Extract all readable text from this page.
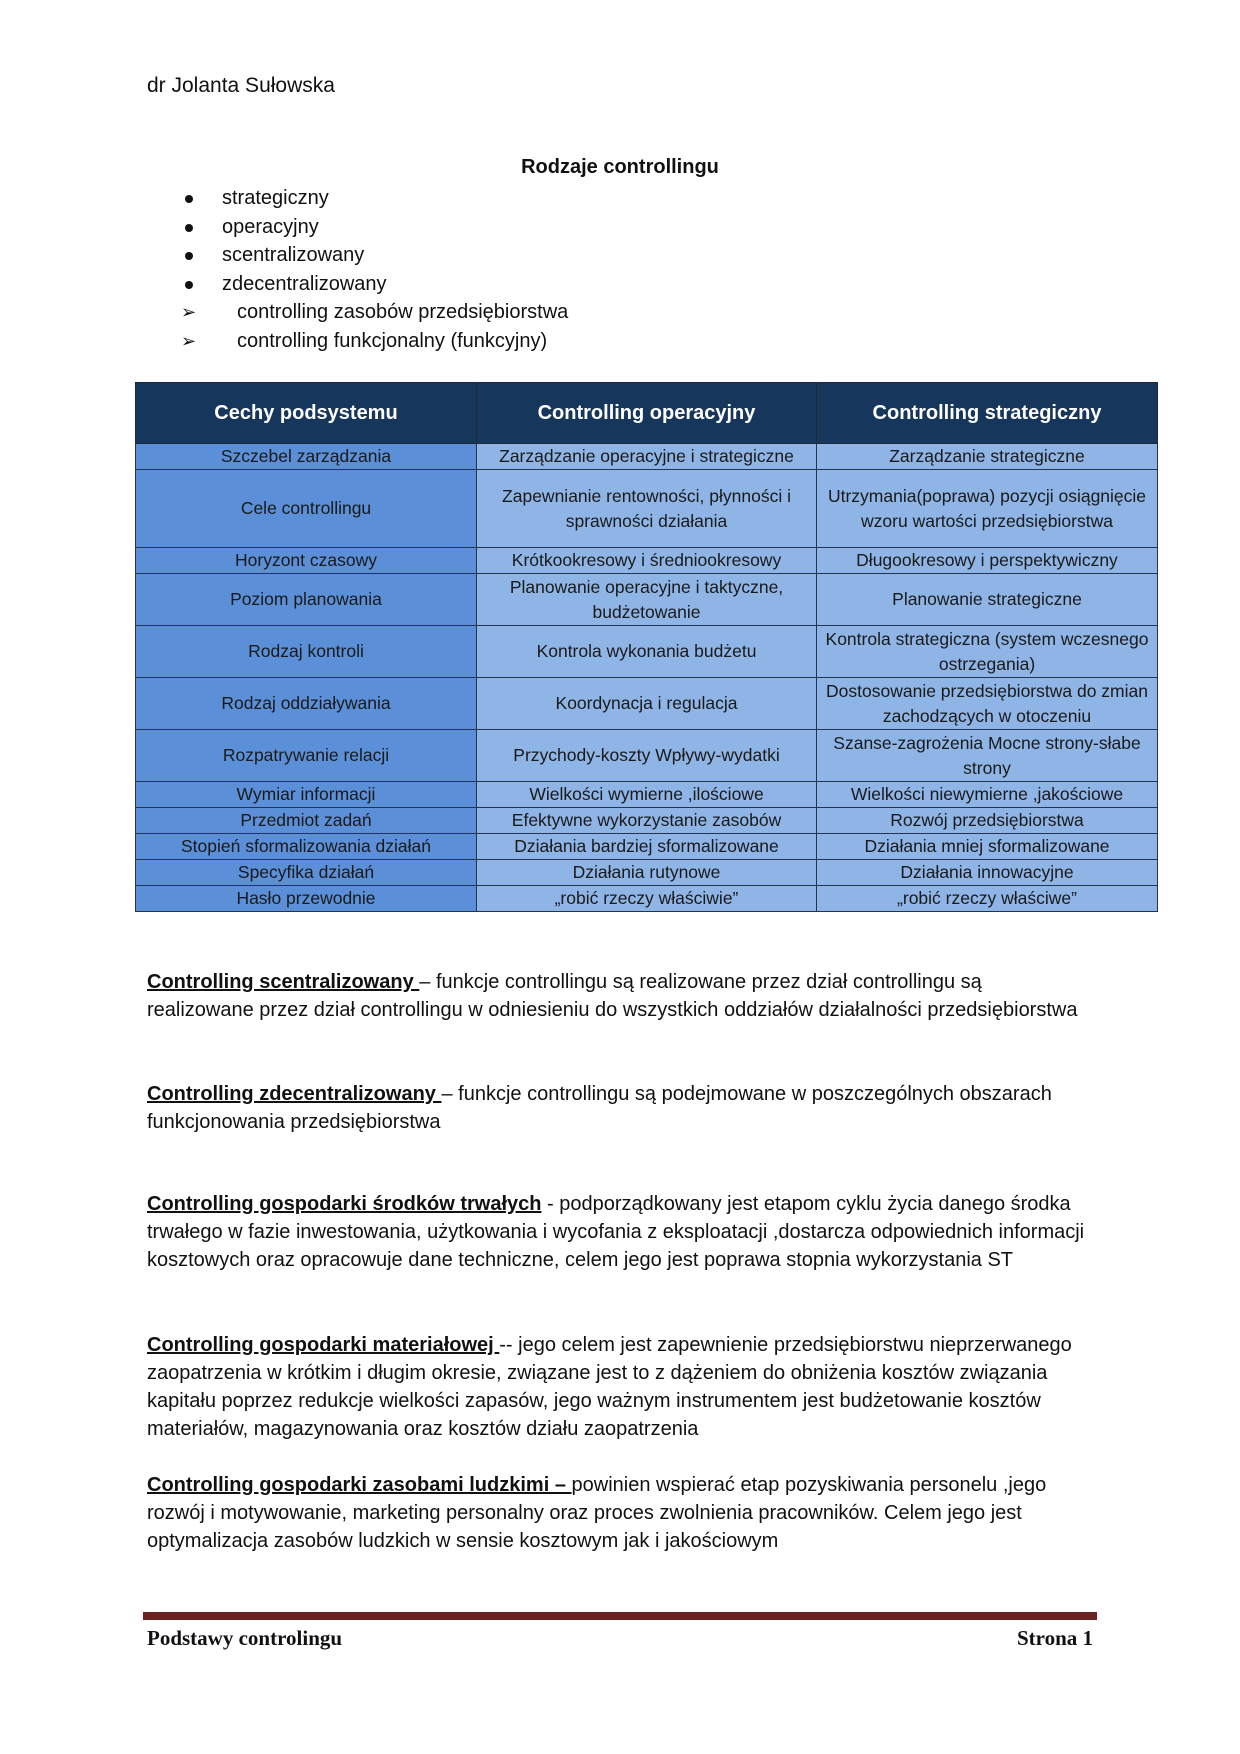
dr Jolanta Sułowska
Rodzaje controllingu
strategiczny
operacyjny
scentralizowany
zdecentralizowany
➢ controlling zasobów przedsiębiorstwa
➢ controlling funkcjonalny (funkcyjny)
Cechy podsystemu	Controlling operacyjny	Controlling strategiczny
Szczebel zarządzania	Zarządzanie operacyjne i strategiczne	Zarządzanie strategiczne
Cele controllingu	Zapewnianie rentowności, płynności i sprawności działania	Utrzymania(poprawa) pozycji osiągnięcie wzoru wartości przedsiębiorstwa
Horyzont czasowy	Krótkookresowy i średniookresowy	Długookresowy i perspektywiczny
Poziom planowania	Planowanie operacyjne i taktyczne, budżetowanie	Planowanie strategiczne
Rodzaj kontroli	Kontrola wykonania budżetu	Kontrola strategiczna (system wczesnego ostrzegania)
Rodzaj oddziaływania	Koordynacja i regulacja	Dostosowanie przedsiębiorstwa do zmian zachodzących w otoczeniu
Rozpatrywanie relacji	Przychody-koszty Wpływy-wydatki	Szanse-zagrożenia Mocne strony-słabe strony
Wymiar informacji	Wielkości wymierne ,ilościowe	Wielkości niewymierne ,jakościowe
Przedmiot zadań	Efektywne wykorzystanie zasobów	Rozwój przedsiębiorstwa
Stopień sformalizowania działań	Działania bardziej sformalizowane	Działania mniej sformalizowane
Specyfika działań	Działania rutynowe	Działania innowacyjne
Hasło przewodnie	„robić rzeczy właściwie”	„robić rzeczy właściwe”

Controlling scentralizowany – funkcje controllingu są realizowane przez dział controllingu są realizowane przez dział controllingu w odniesieniu do wszystkich oddziałów działalności przedsiębiorstwa

Controlling zdecentralizowany – funkcje controllingu są podejmowane w poszczególnych obszarach funkcjonowania przedsiębiorstwa

Controlling gospodarki środków trwałych - podporządkowany jest etapom cyklu życia danego środka trwałego w fazie inwestowania, użytkowania i wycofania z eksploatacji ,dostarcza odpowiednich informacji kosztowych oraz opracowuje dane techniczne, celem jego jest poprawa stopnia wykorzystania ST

Controlling gospodarki materiałowej -- jego celem jest zapewnienie przedsiębiorstwu nieprzerwanego zaopatrzenia w krótkim i długim okresie, związane jest to z dążeniem do obniżenia kosztów związania kapitału poprzez redukcje wielkości zapasów, jego ważnym instrumentem jest budżetowanie kosztów materiałów, magazynowania oraz kosztów działu zaopatrzenia

Controlling gospodarki zasobami ludzkimi – powinien wspierać etap pozyskiwania personelu ,jego rozwój i motywowanie, marketing personalny oraz proces zwolnienia pracowników. Celem jego jest optymalizacja zasobów ludzkich w sensie kosztowym jak i jakościowym

Podstawy controlingu	Strona 1
